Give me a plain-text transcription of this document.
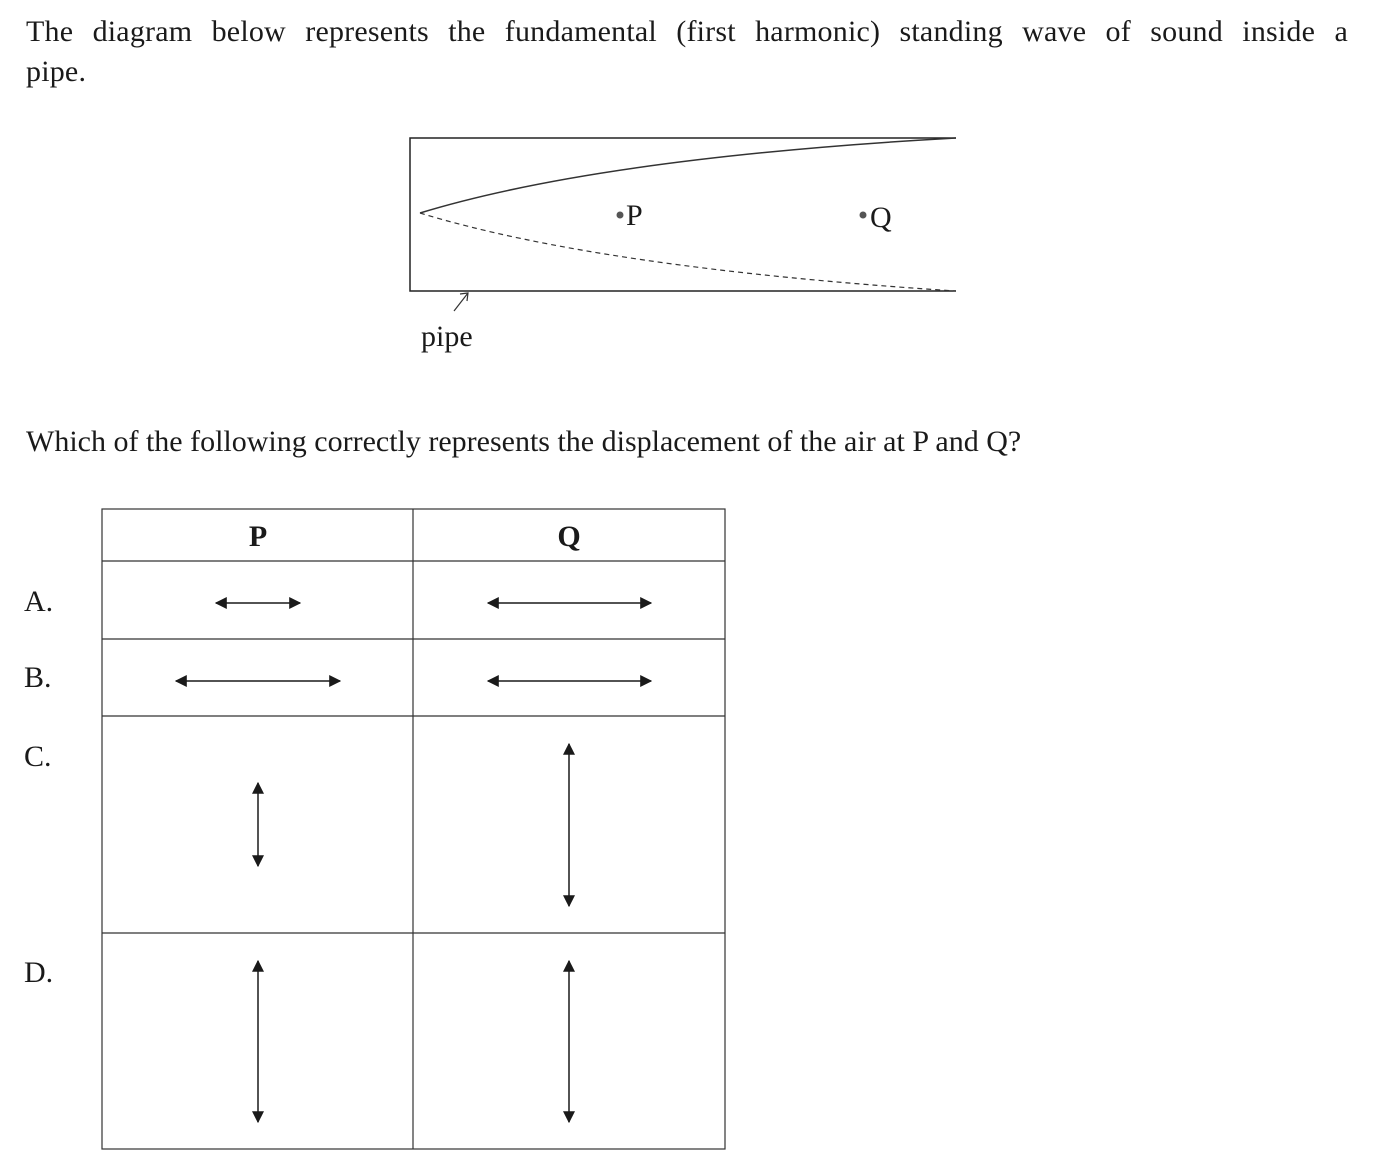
The diagram below represents the fundamental (first harmonic) standing wave of sound inside a pipe.
P	Q
pipe
P	Q
Which of the following correctly represents the displacement of the air at P and Q?
A.
B.
C.
D.
